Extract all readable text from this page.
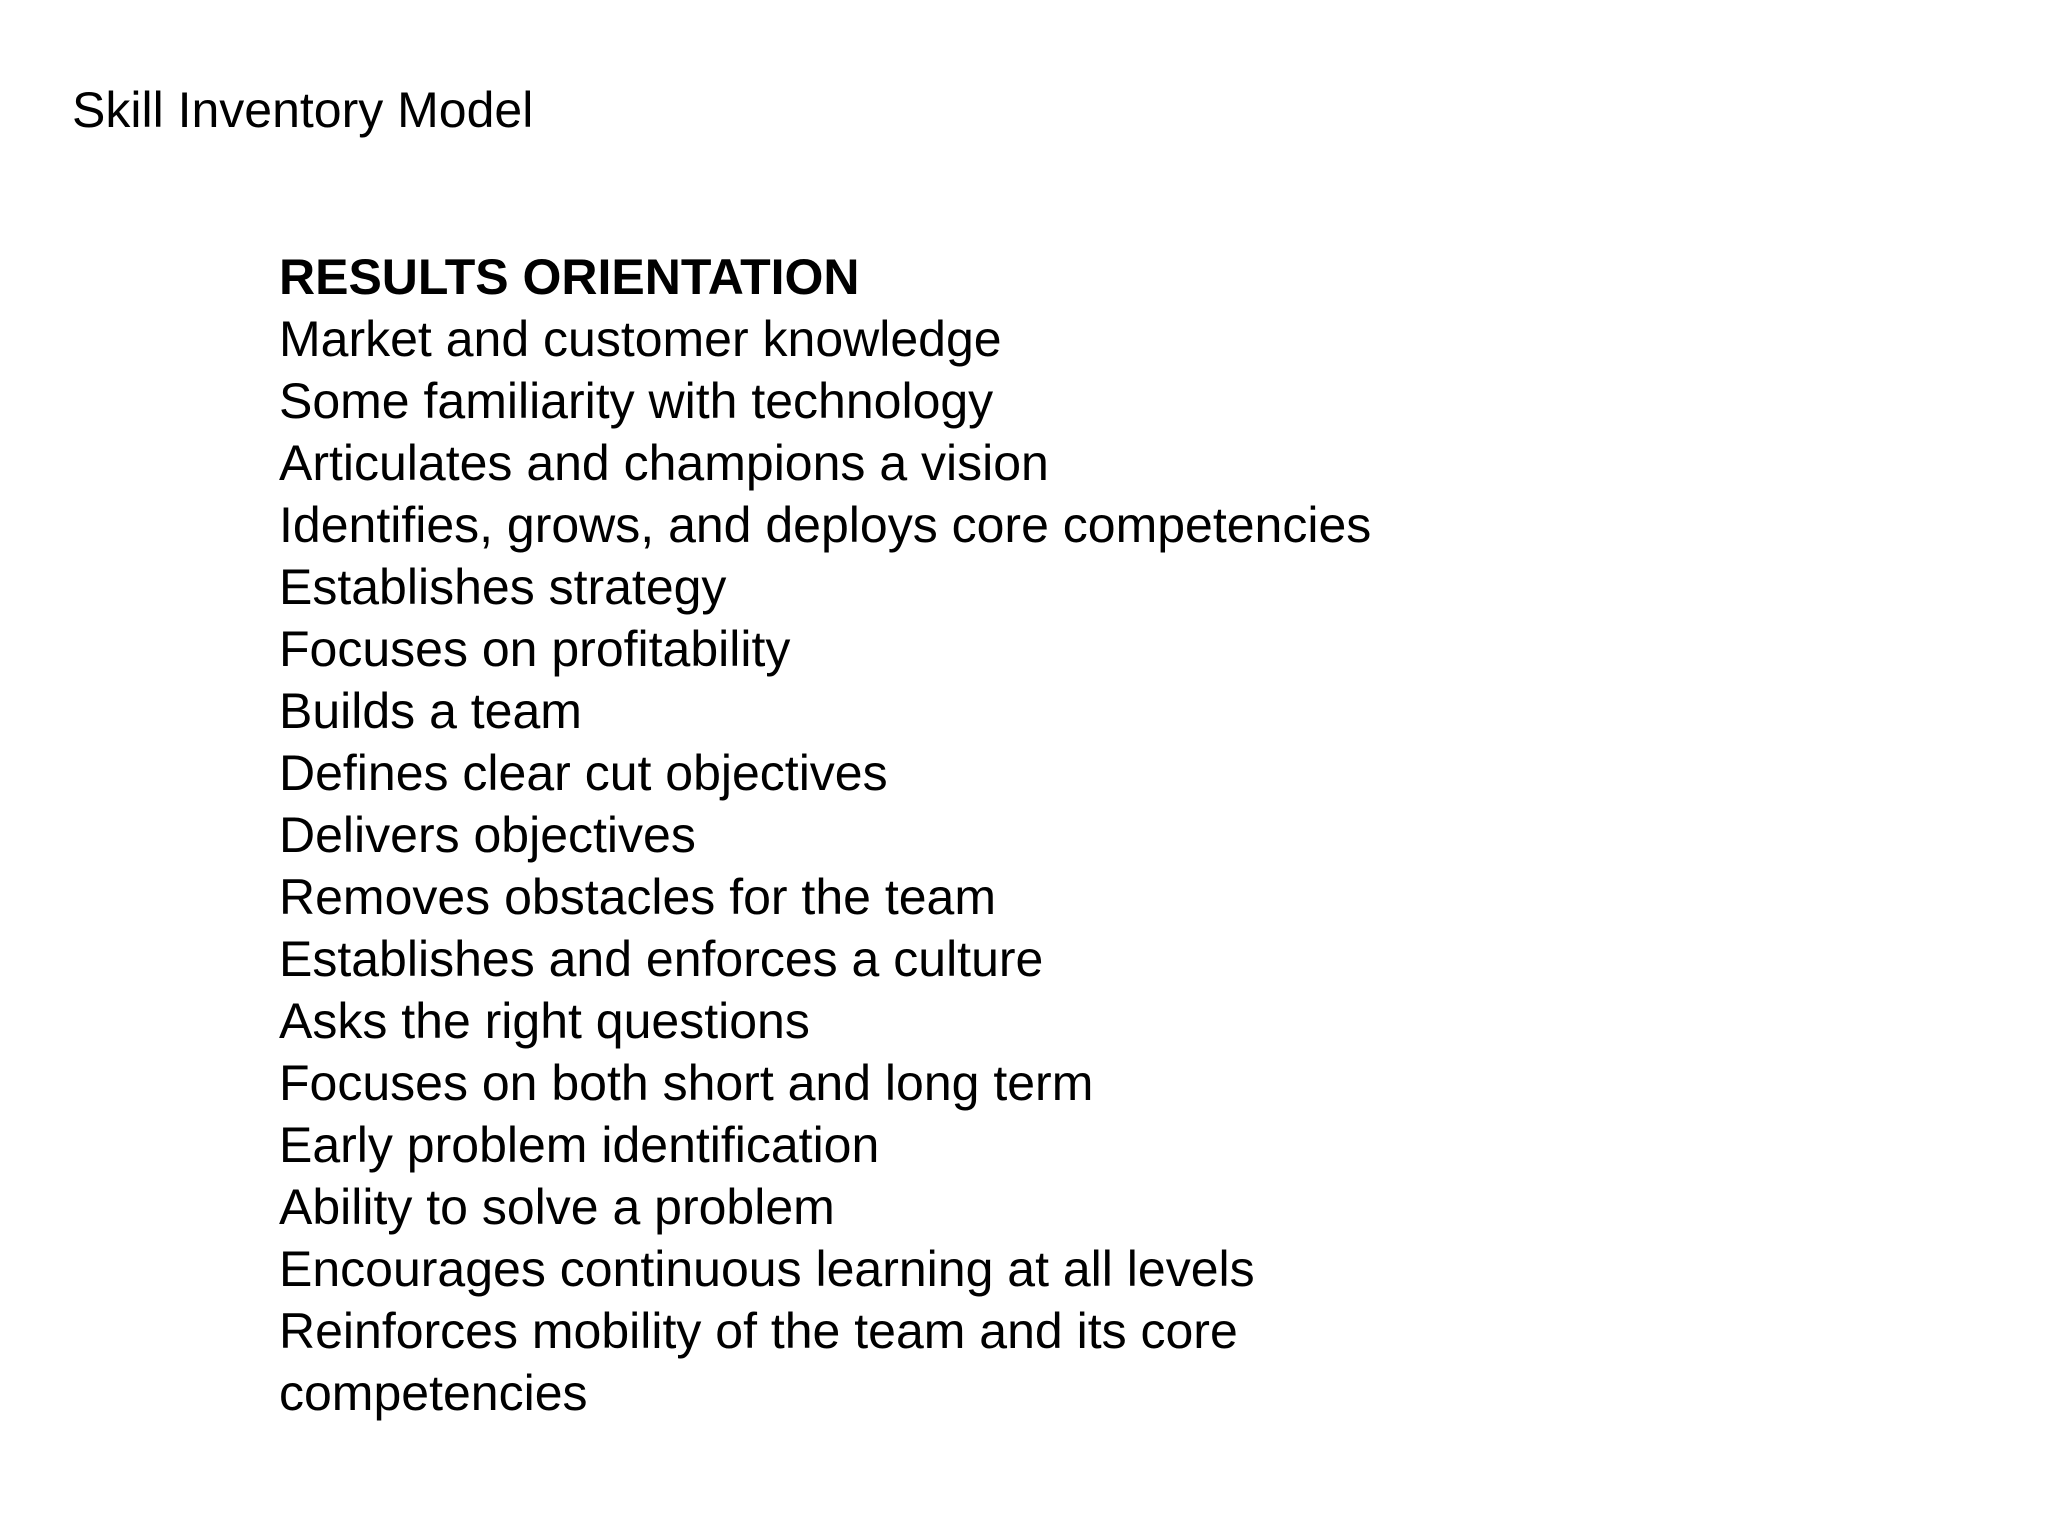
Skill Inventory Model
RESULTS ORIENTATION
Market and customer knowledge
Some familiarity with technology
Articulates and champions a vision
Identifies, grows, and deploys core competencies
Establishes strategy
Focuses on profitability
Builds a team
Defines clear cut objectives
Delivers objectives
Removes obstacles for the team
Establishes and enforces a culture
Asks the right questions
Focuses on both short and long term
Early problem identification
Ability to solve a problem
Encourages continuous learning at all levels
Reinforces mobility of the team and its core competencies
